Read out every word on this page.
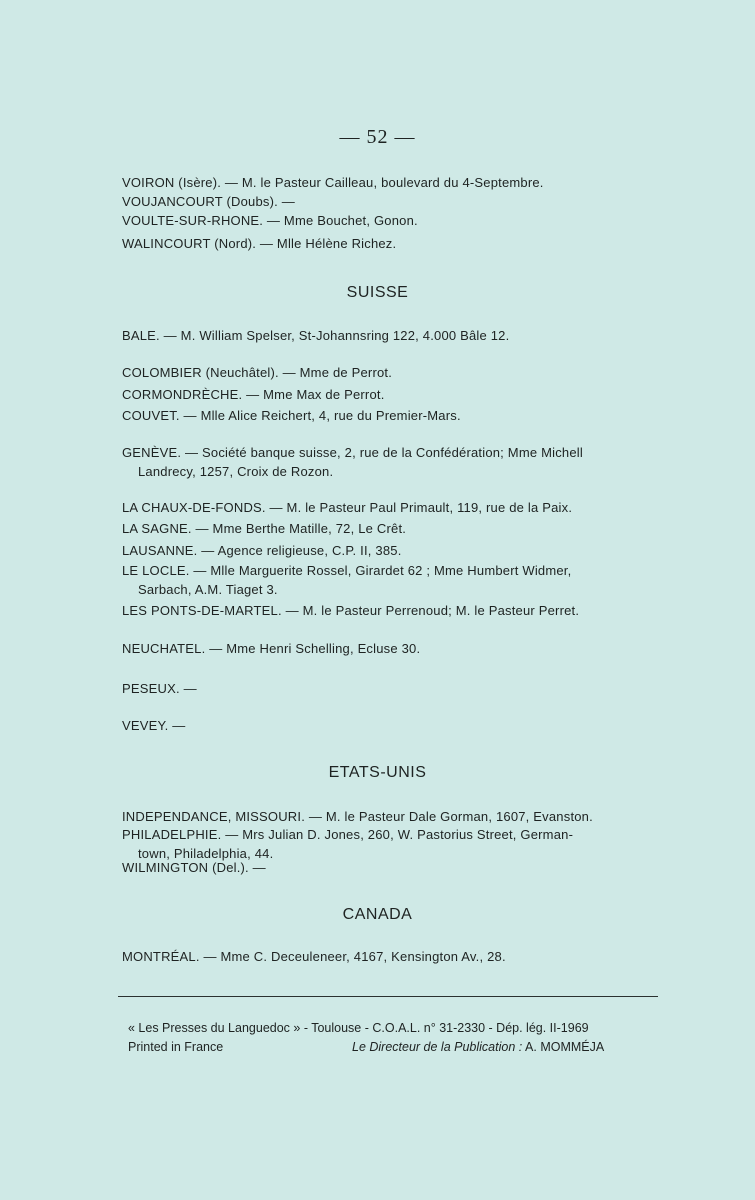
— 52 —
VOIRON (Isère). — M. le Pasteur Cailleau, boulevard du 4-Septembre.
VOUJANCOURT (Doubs). —
VOULTE-SUR-RHONE. — Mme Bouchet, Gonon.
WALINCOURT (Nord). — Mlle Hélène Richez.
SUISSE
BALE. — M. William Spelser, St-Johannsring 122, 4.000 Bâle 12.
COLOMBIER (Neuchâtel). — Mme de Perrot.
CORMONDRÈCHE. — Mme Max de Perrot.
COUVET. — Mlle Alice Reichert, 4, rue du Premier-Mars.
GENÈVE. — Société banque suisse, 2, rue de la Confédération; Mme Michell
Landrecy, 1257, Croix de Rozon.
LA CHAUX-DE-FONDS. — M. le Pasteur Paul Primault, 119, rue de la Paix.
LA SAGNE. — Mme Berthe Matille, 72, Le Crêt.
LAUSANNE. — Agence religieuse, C.P. II, 385.
LE LOCLE. — Mlle Marguerite Rossel, Girardet 62 ; Mme Humbert Widmer,
Sarbach, A.M. Tiaget 3.
LES PONTS-DE-MARTEL. — M. le Pasteur Perrenoud; M. le Pasteur Perret.
NEUCHATEL. — Mme Henri Schelling, Ecluse 30.
PESEUX. —
VEVEY. —
ETATS-UNIS
INDEPENDANCE, MISSOURI. — M. le Pasteur Dale Gorman, 1607, Evanston.
PHILADELPHIE. — Mrs Julian D. Jones, 260, W. Pastorius Street, German-
town, Philadelphia, 44.
WILMINGTON (Del.). —
CANADA
MONTRÉAL. — Mme C. Deceuleneer, 4167, Kensington Av., 28.
« Les Presses du Languedoc » - Toulouse - C.O.A.L. n° 31-2330 - Dép. lég. II-1969
Printed in France	Le Directeur de la Publication : A. MOMMÉJA
